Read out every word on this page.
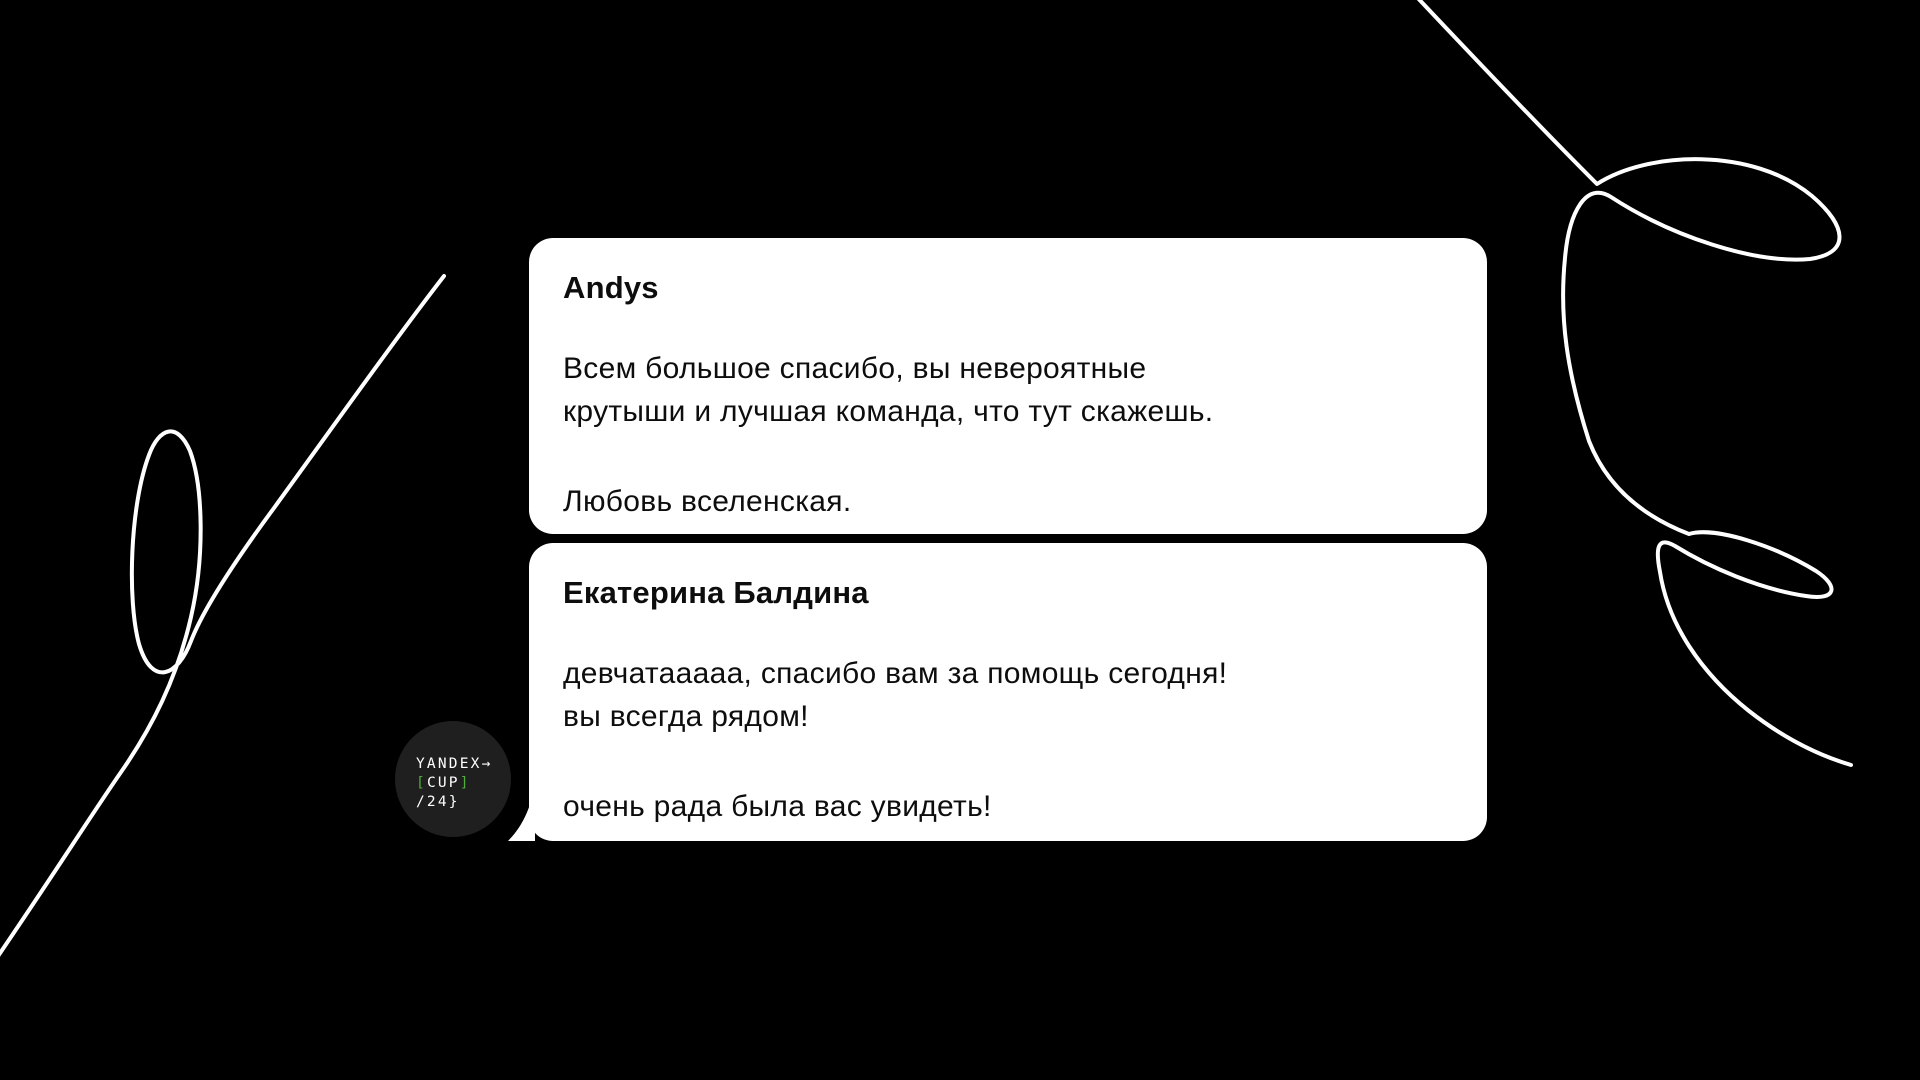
Andys
Всем большое спасибо, вы невероятные
крутыши и лучшая команда, что тут скажешь.
Любовь вселенская.
Екатерина Балдина
девчатааааа, спасибо вам за помощь сегодня!
вы всегда рядом!
очень рада была вас увидеть!
YANDEX→
[CUP]
/24}
